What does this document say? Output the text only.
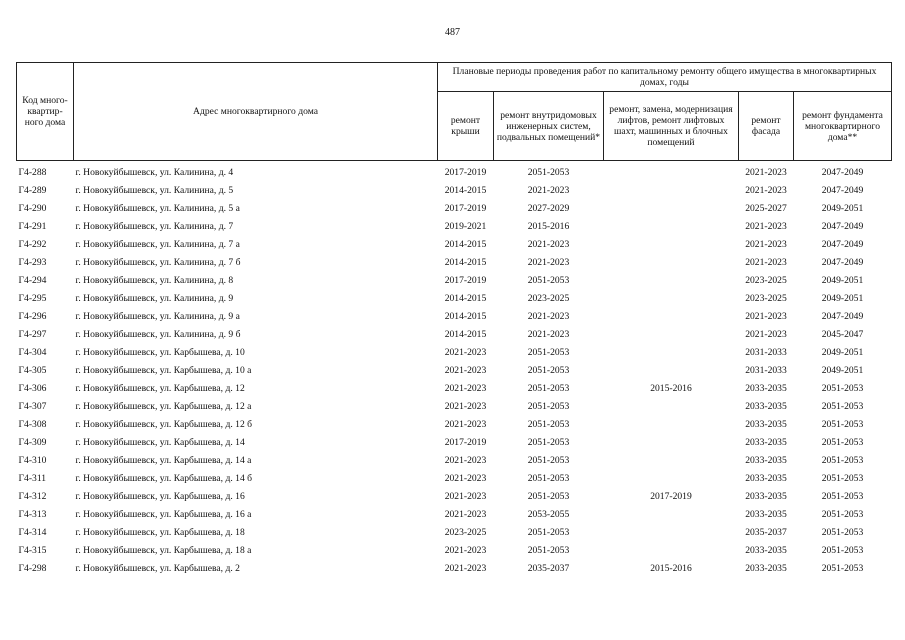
487
Код много-квартир-ного дома	Адрес многоквартирного дома	Плановые периоды проведения работ по капитальному ремонту общего имущества в многоквартирных домах, годы				
		ремонт крыши	ремонт внутридомовых инженерных систем, подвальных помещений*	ремонт, замена, модернизация лифтов, ремонт лифтовых шахт, машинных и блочных помещений	ремонт фасада	ремонт фундамента многоквартирного дома**
Г4-288	г. Новокуйбышевск, ул. Калинина, д. 4	2017-2019	2051-2053		2021-2023	2047-2049
Г4-289	г. Новокуйбышевск, ул. Калинина, д. 5	2014-2015	2021-2023		2021-2023	2047-2049
Г4-290	г. Новокуйбышевск, ул. Калинина, д. 5 а	2017-2019	2027-2029		2025-2027	2049-2051
Г4-291	г. Новокуйбышевск, ул. Калинина, д. 7	2019-2021	2015-2016		2021-2023	2047-2049
Г4-292	г. Новокуйбышевск, ул. Калинина, д. 7 а	2014-2015	2021-2023		2021-2023	2047-2049
Г4-293	г. Новокуйбышевск, ул. Калинина, д. 7 б	2014-2015	2021-2023		2021-2023	2047-2049
Г4-294	г. Новокуйбышевск, ул. Калинина, д. 8	2017-2019	2051-2053		2023-2025	2049-2051
Г4-295	г. Новокуйбышевск, ул. Калинина, д. 9	2014-2015	2023-2025		2023-2025	2049-2051
Г4-296	г. Новокуйбышевск, ул. Калинина, д. 9 а	2014-2015	2021-2023		2021-2023	2047-2049
Г4-297	г. Новокуйбышевск, ул. Калинина, д. 9 б	2014-2015	2021-2023		2021-2023	2045-2047
Г4-304	г. Новокуйбышевск, ул. Карбышева, д. 10	2021-2023	2051-2053		2031-2033	2049-2051
Г4-305	г. Новокуйбышевск, ул. Карбышева, д. 10 а	2021-2023	2051-2053		2031-2033	2049-2051
Г4-306	г. Новокуйбышевск, ул. Карбышева, д. 12	2021-2023	2051-2053	2015-2016	2033-2035	2051-2053
Г4-307	г. Новокуйбышевск, ул. Карбышева, д. 12 а	2021-2023	2051-2053		2033-2035	2051-2053
Г4-308	г. Новокуйбышевск, ул. Карбышева, д. 12 б	2021-2023	2051-2053		2033-2035	2051-2053
Г4-309	г. Новокуйбышевск, ул. Карбышева, д. 14	2017-2019	2051-2053		2033-2035	2051-2053
Г4-310	г. Новокуйбышевск, ул. Карбышева, д. 14 а	2021-2023	2051-2053		2033-2035	2051-2053
Г4-311	г. Новокуйбышевск, ул. Карбышева, д. 14 б	2021-2023	2051-2053		2033-2035	2051-2053
Г4-312	г. Новокуйбышевск, ул. Карбышева, д. 16	2021-2023	2051-2053	2017-2019	2033-2035	2051-2053
Г4-313	г. Новокуйбышевск, ул. Карбышева, д. 16 а	2021-2023	2053-2055		2033-2035	2051-2053
Г4-314	г. Новокуйбышевск, ул. Карбышева, д. 18	2023-2025	2051-2053		2035-2037	2051-2053
Г4-315	г. Новокуйбышевск, ул. Карбышева, д. 18 а	2021-2023	2051-2053		2033-2035	2051-2053
Г4-298	г. Новокуйбышевск, ул. Карбышева, д. 2	2021-2023	2035-2037	2015-2016	2033-2035	2051-2053
